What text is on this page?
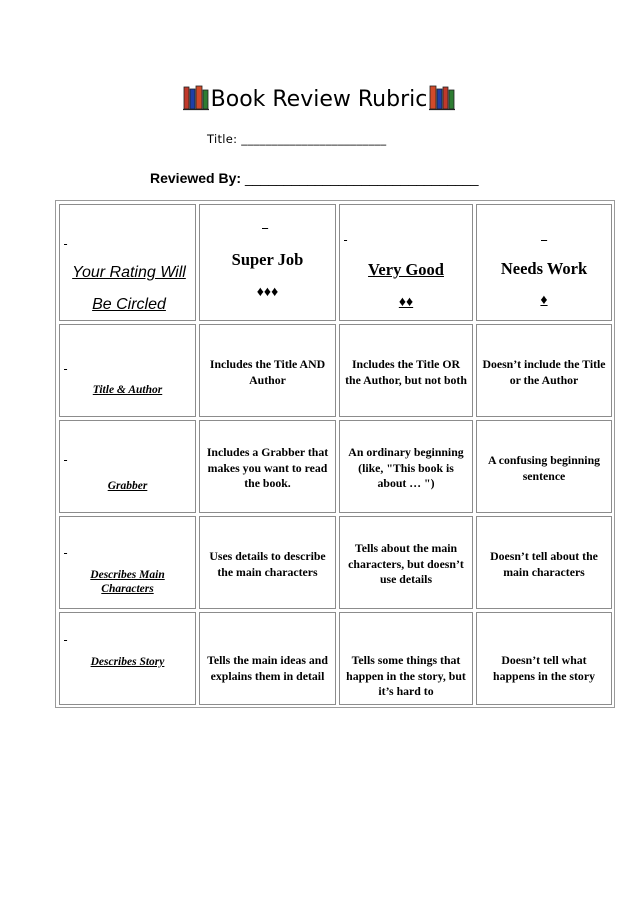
Book Review Rubric
Title: ________________________
Reviewed By: ______________________________

Your Rating Will
Be Circled

Super Job
♦♦♦

Very Good
♦♦

Needs Work
♦

Title & Author
Includes the Title AND Author
Includes the Title OR the Author, but not both
Doesn’t include the Title or the Author

Grabber
Includes a Grabber that makes you want to read the book.
An ordinary beginning (like, "This book is about … ")
A confusing beginning sentence

Describes Main Characters
Uses details to describe the main characters
Tells about the main characters, but doesn’t use details
Doesn’t tell about the main characters

Describes Story	Tells the main ideas and explains them in detail
Tells some things that happen in the story, but it’s hard to
Doesn’t tell what happens in the story
